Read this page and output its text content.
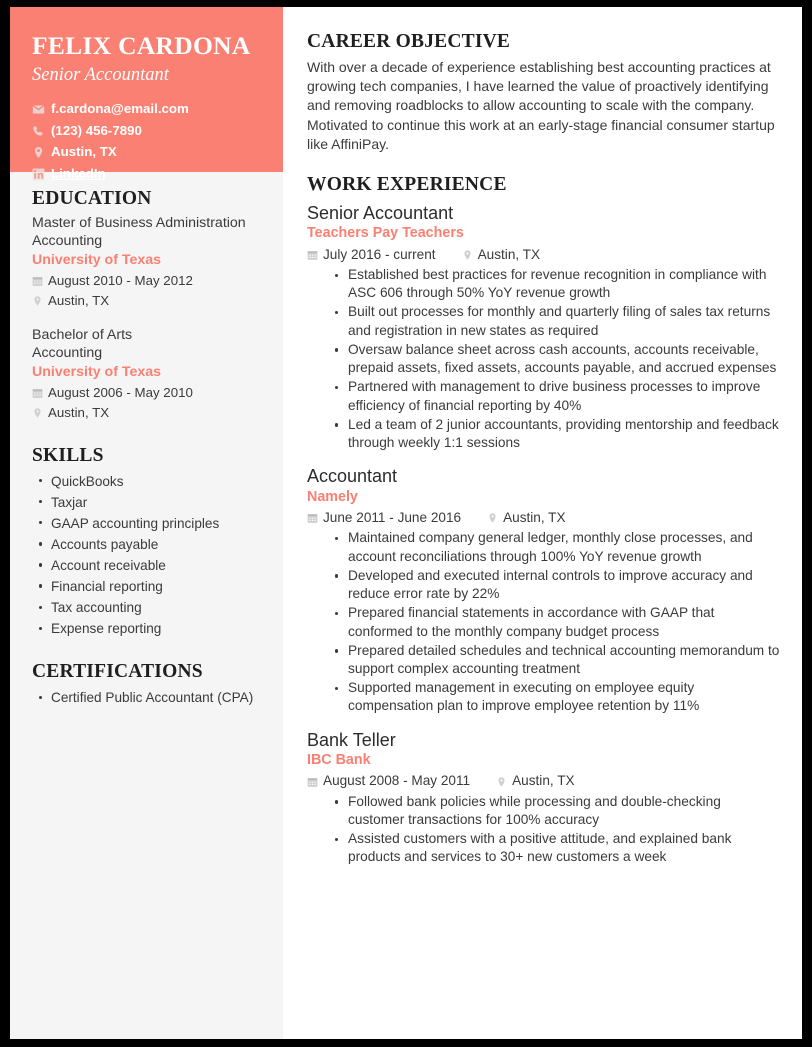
FELIX CARDONA
Senior Accountant
f.cardona@email.com
(123) 456-7890
Austin, TX
LinkedIn
EDUCATION
Master of Business Administration
Accounting
University of Texas
August 2010 - May 2012
Austin, TX
Bachelor of Arts
Accounting
University of Texas
August 2006 - May 2010
Austin, TX
SKILLS
QuickBooks
Taxjar
GAAP accounting principles
Accounts payable
Account receivable
Financial reporting
Tax accounting
Expense reporting
CERTIFICATIONS
Certified Public Accountant (CPA)
CAREER OBJECTIVE

With over a decade of experience establishing best accounting practices at growing tech companies, I have learned the value of proactively identifying and removing roadblocks to allow accounting to scale with the company. Motivated to continue this work at an early-stage financial consumer startup like AffiniPay.

WORK EXPERIENCE
Senior Accountant
Teachers Pay Teachers
July 2016 - current	Austin, TX
Established best practices for revenue recognition in compliance with ASC 606 through 50% YoY revenue growth
Built out processes for monthly and quarterly filing of sales tax returns and registration in new states as required
Oversaw balance sheet across cash accounts, accounts receivable, prepaid assets, fixed assets, accounts payable, and accrued expenses
Partnered with management to drive business processes to improve efficiency of financial reporting by 40%
Led a team of 2 junior accountants, providing mentorship and feedback through weekly 1:1 sessions
Accountant
Namely
June 2011 - June 2016	Austin, TX
Maintained company general ledger, monthly close processes, and account reconciliations through 100% YoY revenue growth
Developed and executed internal controls to improve accuracy and reduce error rate by 22%
Prepared financial statements in accordance with GAAP that conformed to the monthly company budget process
Prepared detailed schedules and technical accounting memorandum to support complex accounting treatment
Supported management in executing on employee equity compensation plan to improve employee retention by 11%
Bank Teller
IBC Bank
August 2008 - May 2011	Austin, TX
Followed bank policies while processing and double-checking customer transactions for 100% accuracy
Assisted customers with a positive attitude, and explained bank products and services to 30+ new customers a week
